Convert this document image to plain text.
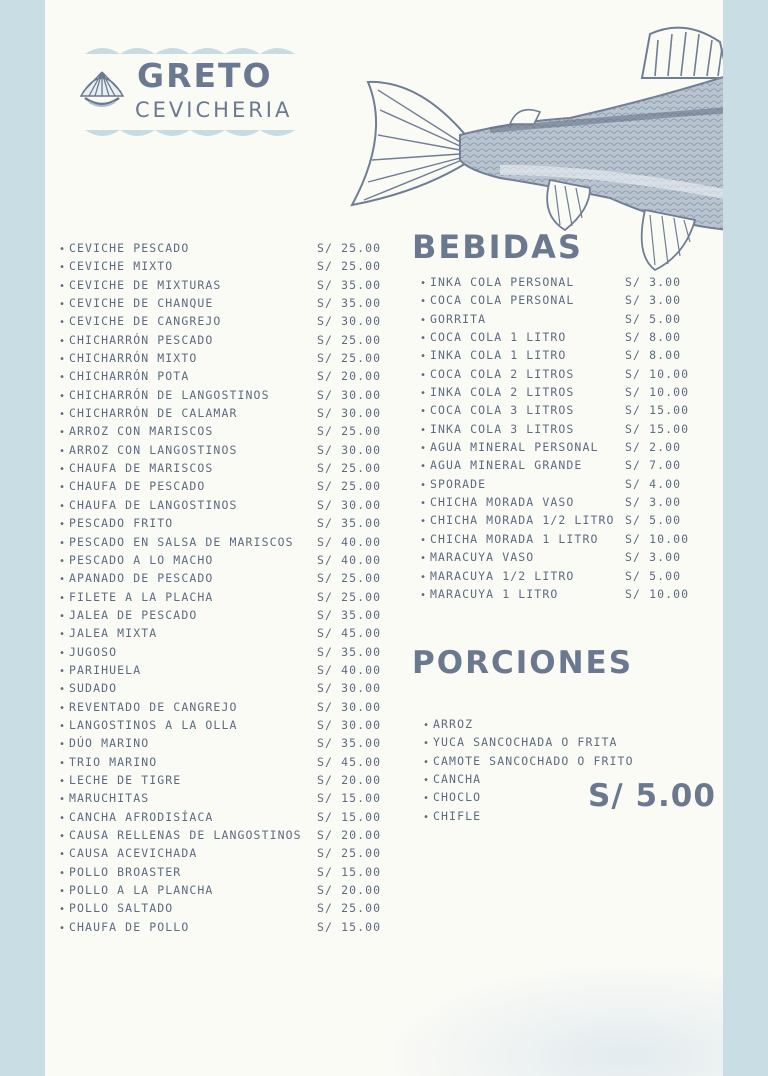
GRETO
CEVICHERIA
• CEVICHE PESCADO	S/ 25.00
• CEVICHE MIXTO	S/ 25.00
• CEVICHE DE MIXTURAS	S/ 35.00
• CEVICHE DE CHANQUE	S/ 35.00
• CEVICHE DE CANGREJO	S/ 30.00
• CHICHARRÓN PESCADO	S/ 25.00
• CHICHARRÓN MIXTO	S/ 25.00
• CHICHARRÓN POTA	S/ 20.00
• CHICHARRÓN DE LANGOSTINOS	S/ 30.00
• CHICHARRÓN DE CALAMAR	S/ 30.00
• ARROZ CON MARISCOS	S/ 25.00
• ARROZ CON LANGOSTINOS	S/ 30.00
• CHAUFA DE MARISCOS	S/ 25.00
• CHAUFA DE PESCADO	S/ 25.00
• CHAUFA DE LANGOSTINOS	S/ 30.00
• PESCADO FRITO	S/ 35.00
• PESCADO EN SALSA DE MARISCOS S/ 40.00
• PESCADO A LO MACHO	S/ 40.00
• APANADO DE PESCADO	S/ 25.00
• FILETE A LA PLACHA	S/ 25.00
• JALEA DE PESCADO	S/ 35.00
• JALEA MIXTA	S/ 45.00
• JUGOSO	S/ 35.00
• PARIHUELA	S/ 40.00
• SUDADO	S/ 30.00
• REVENTADO DE CANGREJO	S/ 30.00
• LANGOSTINOS A LA OLLA	S/ 30.00
• DÚO MARINO	S/ 35.00
• TRIO MARINO	S/ 45.00
• LECHE DE TIGRE	S/ 20.00
• MARUCHITAS	S/ 15.00
• CANCHA AFRODISÍACA	S/ 15.00
• CAUSA RELLENAS DE LANGOSTINOS S/ 20.00
• CAUSA ACEVICHADA	S/ 25.00
• POLLO BROASTER	S/ 15.00
• POLLO A LA PLANCHA	S/ 20.00
• POLLO SALTADO	S/ 25.00
• CHAUFA DE POLLO	S/ 15.00
BEBIDAS
• INKA COLA PERSONAL	S/ 3.00
• COCA COLA PERSONAL	S/ 3.00
• GORRITA	S/ 5.00
• COCA COLA 1 LITRO	S/ 8.00
• INKA COLA 1 LITRO	S/ 8.00
• COCA COLA 2 LITROS	S/ 10.00
• INKA COLA 2 LITROS	S/ 10.00
• COCA COLA 3 LITROS	S/ 15.00
• INKA COLA 3 LITROS	S/ 15.00
• AGUA MINERAL PERSONAL S/ 2.00
• AGUA MINERAL GRANDE	S/ 7.00
• SPORADE	S/ 4.00
• CHICHA MORADA VASO	S/ 3.00
• CHICHA MORADA 1/2 LITRO S/ 5.00
• CHICHA MORADA 1 LITRO S/ 10.00
• MARACUYA VASO	S/ 3.00
• MARACUYA 1/2 LITRO	S/ 5.00
• MARACUYA 1 LITRO	S/ 10.00
PORCIONES
• ARROZ
• YUCA SANCOCHADA O FRITA
• CAMOTE SANCOCHADO O FRITO
• CANCHA
• CHOCLO
• CHIFLE
S/ 5.00
